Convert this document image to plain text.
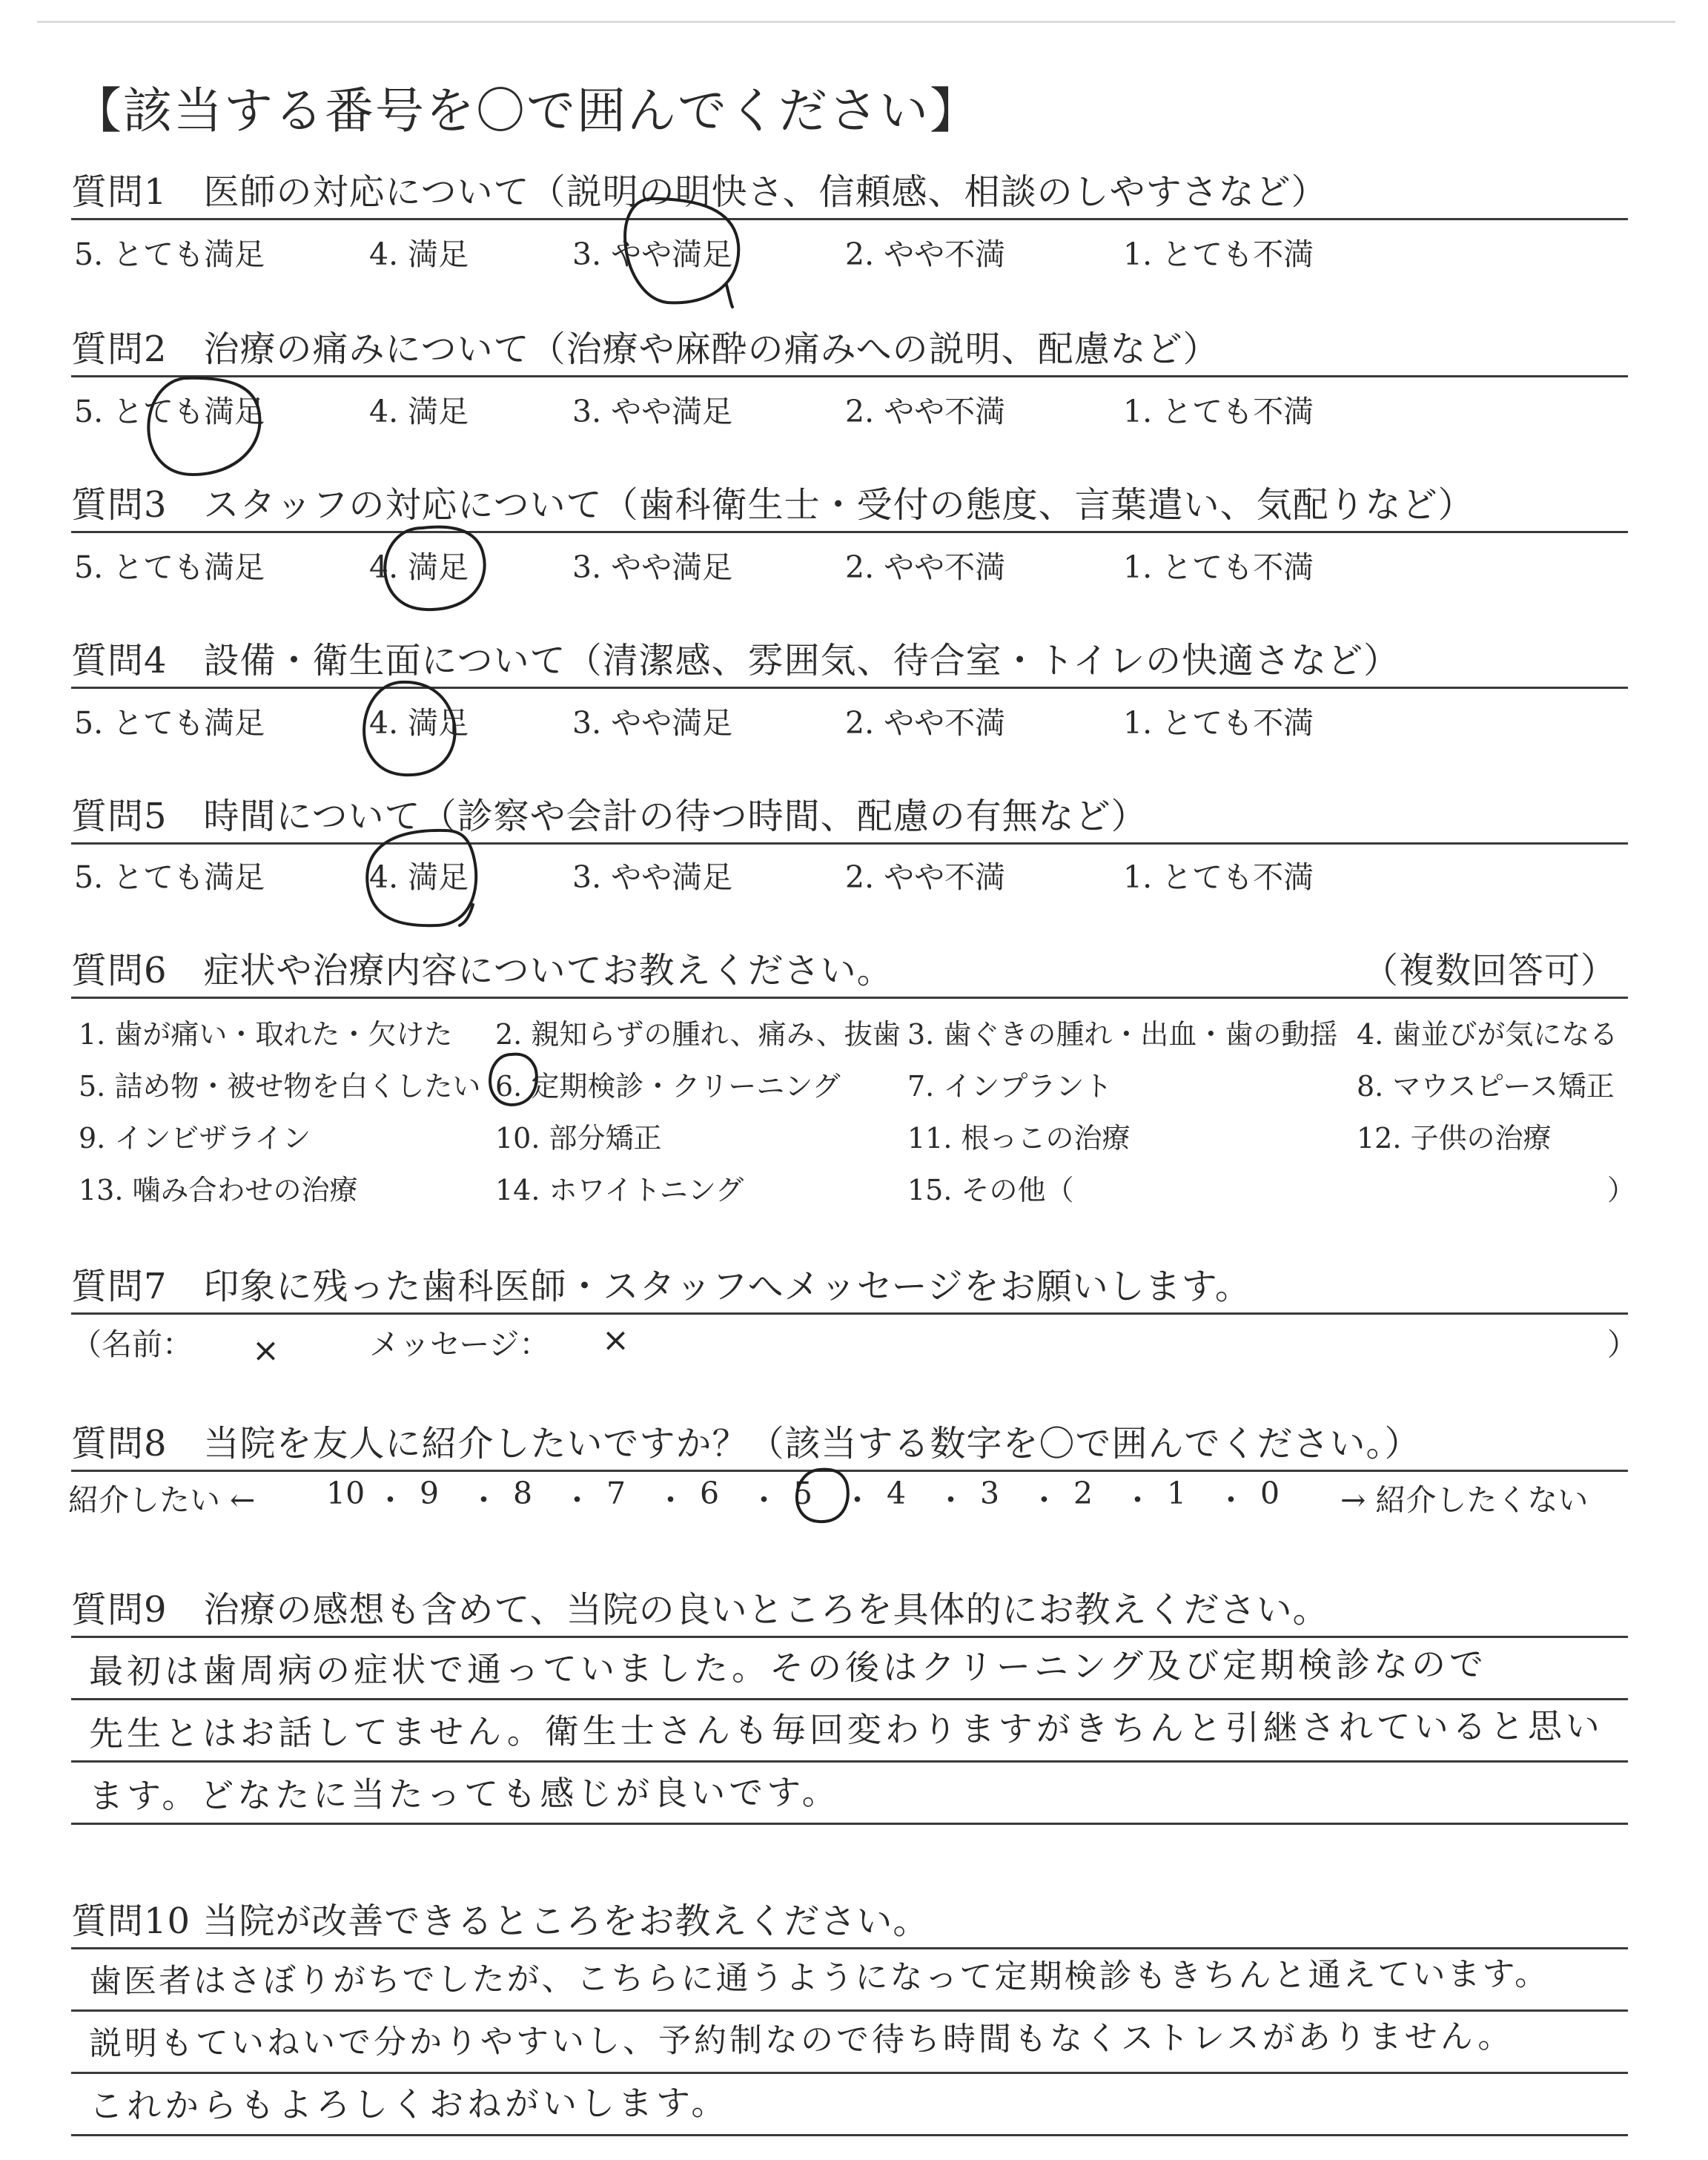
【該当する番号を〇で囲んでください】
質問1　医師の対応について（説明の明快さ、信頼感、相談のしやすさなど）
5. とても満足	4. 満足	3. やや満足	2. やや不満	1. とても不満
質問2　治療の痛みについて（治療や麻酔の痛みへの説明、配慮など）
5. とても満足	4. 満足	3. やや満足	2. やや不満	1. とても不満
質問3　スタッフの対応について（歯科衛生士・受付の態度、言葉遣い、気配りなど）
5. とても満足	4. 満足	3. やや満足	2. やや不満	1. とても不満
質問4　設備・衛生面について（清潔感、雰囲気、待合室・トイレの快適さなど）
5. とても満足	4. 満足	3. やや満足	2. やや不満	1. とても不満
質問5　時間について（診察や会計の待つ時間、配慮の有無など）
5. とても満足	4. 満足	3. やや満足	2. やや不満	1. とても不満
質問6　症状や治療内容についてお教えください。	（複数回答可）
1. 歯が痛い・取れた・欠けた 2. 親知らずの腫れ、痛み、抜歯 3. 歯ぐきの腫れ・出血・歯の動揺 4. 歯並びが気になる
5. 詰め物・被せ物を白くしたい 6. 定期検診・クリーニング 7. インプラント	8. マウスピース矯正
9. インビザライン	10. 部分矯正	11. 根っこの治療	12. 子供の治療
13. 噛み合わせの治療	14. ホワイトニング	15. その他（	）
質問7　印象に残った歯科医師・スタッフへメッセージをお願いします。
（名前：	メッセージ：	）
×	×
質問8　当院を友人に紹介したいですか？（該当する数字を〇で囲んでください。）
紹介したい ←	→ 紹介したくない
10 ・ 9 ・ 8 ・ 7 ・ 6 ・ 5 ・ 4 ・ 3 ・ 2 ・ 1 ・ 0
質問9　治療の感想も含めて、当院の良いところを具体的にお教えください。
最初は歯周病の症状で通っていました。その後はクリーニング及び定期検診なので
先生とはお話してません。衛生士さんも毎回変わりますがきちんと引継されていると思い
ます。どなたに当たっても感じが良いです。
質問10 当院が改善できるところをお教えください。
歯医者はさぼりがちでしたが、こちらに通うようになって定期検診もきちんと通えています。
説明もていねいで分かりやすいし、予約制なので待ち時間もなくストレスがありません。
これからもよろしくおねがいします。
